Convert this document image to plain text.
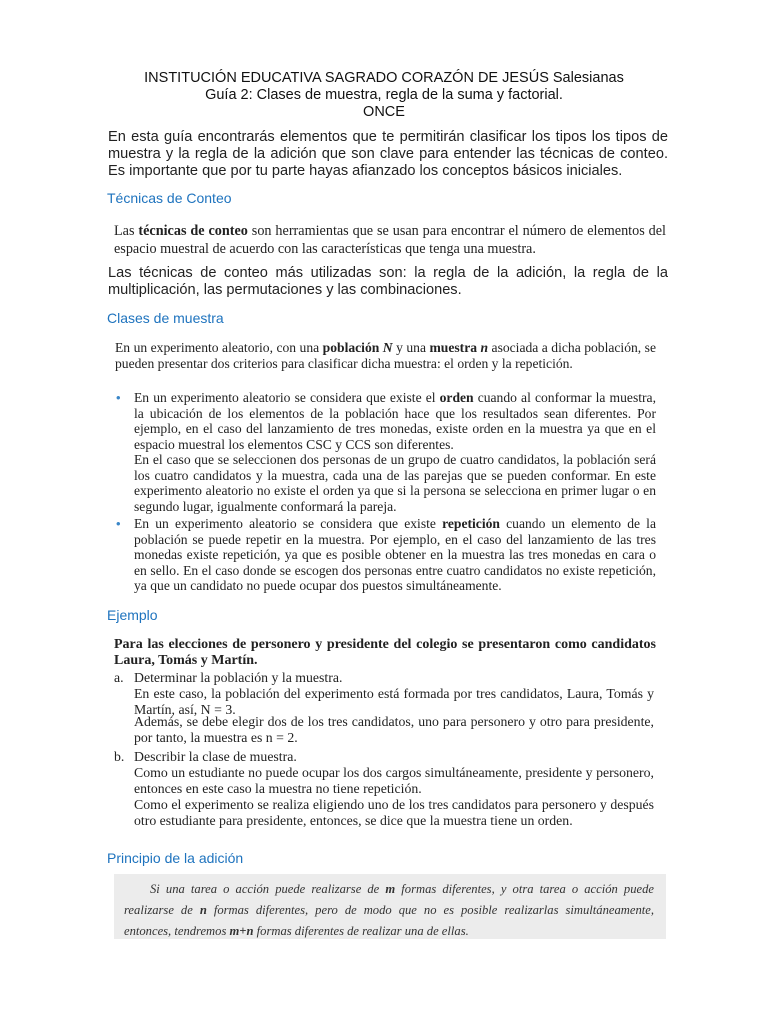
INSTITUCIÓN EDUCATIVA SAGRADO CORAZÓN DE JESÚS Salesianas
Guía 2: Clases de muestra, regla de la suma y factorial.
ONCE
En esta guía encontrarás elementos que te permitirán clasificar los tipos los tipos de muestra y la regla de la adición que son clave para entender las técnicas de conteo. Es importante que por tu parte hayas afianzado los conceptos básicos iniciales.
Técnicas de Conteo
Las técnicas de conteo son herramientas que se usan para encontrar el número de elementos del espacio muestral de acuerdo con las características que tenga una muestra.
Las técnicas de conteo más utilizadas son: la regla de la adición, la regla de la multiplicación, las permutaciones y las combinaciones.
Clases de muestra
En un experimento aleatorio, con una población N y una muestra n asociada a dicha población, se pueden presentar dos criterios para clasificar dicha muestra: el orden y la repetición.
• En un experimento aleatorio se considera que existe el orden cuando al conformar la muestra, la ubicación de los elementos de la población hace que los resultados sean diferentes. Por ejemplo, en el caso del lanzamiento de tres monedas, existe orden en la muestra ya que en el espacio muestral los elementos CSC y CCS son diferentes.
En el caso que se seleccionen dos personas de un grupo de cuatro candidatos, la población será los cuatro candidatos y la muestra, cada una de las parejas que se pueden conformar. En este experimento aleatorio no existe el orden ya que si la persona se selecciona en primer lugar o en segundo lugar, igualmente conformará la pareja.
• En un experimento aleatorio se considera que existe repetición cuando un elemento de la población se puede repetir en la muestra. Por ejemplo, en el caso del lanzamiento de las tres monedas existe repetición, ya que es posible obtener en la muestra las tres monedas en cara o en sello. En el caso donde se escogen dos personas entre cuatro candidatos no existe repetición, ya que un candidato no puede ocupar dos puestos simultáneamente.
Ejemplo
Para las elecciones de personero y presidente del colegio se presentaron como candidatos Laura, Tomás y Martín.
a. Determinar la población y la muestra.
En este caso, la población del experimento está formada por tres candidatos, Laura, Tomás y Martín, así, N = 3.
Además, se debe elegir dos de los tres candidatos, uno para personero y otro para presidente, por tanto, la muestra es n = 2.
b. Describir la clase de muestra.
Como un estudiante no puede ocupar los dos cargos simultáneamente, presidente y personero, entonces en este caso la muestra no tiene repetición.
Como el experimento se realiza eligiendo uno de los tres candidatos para personero y después otro estudiante para presidente, entonces, se dice que la muestra tiene un orden.
Principio de la adición
Si una tarea o acción puede realizarse de m formas diferentes, y otra tarea o acción puede realizarse de n formas diferentes, pero de modo que no es posible realizarlas simultáneamente, entonces, tendremos m+n formas diferentes de realizar una de ellas.
